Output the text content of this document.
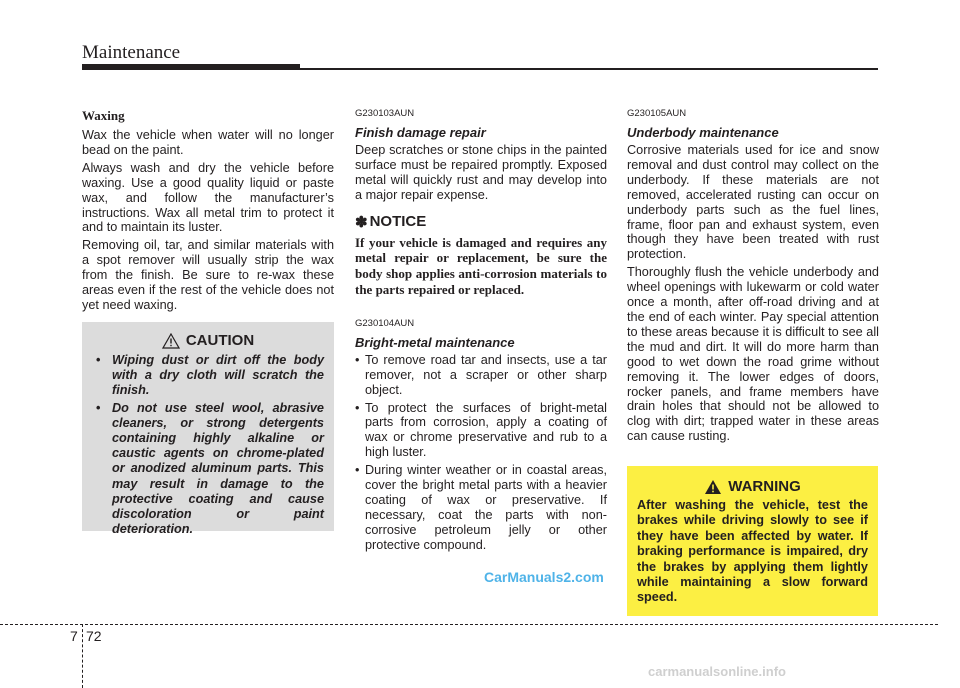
Maintenance
Waxing

Wax the vehicle when water will no longer bead on the paint.

Always wash and dry the vehicle before waxing. Use a good quality liquid or paste wax, and follow the manufacturer’s instructions. Wax all metal trim to protect it and to maintain its luster.

Removing oil, tar, and similar materials with a spot remover will usually strip the wax from the finish. Be sure to re-wax these areas even if the rest of the vehicle does not yet need waxing.

CAUTION
• Wiping dust or dirt off the body with a dry cloth will scratch the finish.
• Do not use steel wool, abrasive cleaners, or strong detergents containing highly alkaline or caustic agents on chrome-plated or anodized aluminum parts. This may result in damage to the protective coating and cause discoloration or paint deterioration.
G230103AUN
Finish damage repair

Deep scratches or stone chips in the painted surface must be repaired promptly. Exposed metal will quickly rust and may develop into a major repair expense.

✽ NOTICE
If your vehicle is damaged and requires any metal repair or replacement, be sure the body shop applies anti-corrosion materials to the parts repaired or replaced.
G230104AUN
Bright-metal maintenance
• To remove road tar and insects, use a tar remover, not a scraper or other sharp object.
• To protect the surfaces of bright-metal parts from corrosion, apply a coating of wax or chrome preservative and rub to a high luster.
• During winter weather or in coastal areas, cover the bright metal parts with a heavier coating of wax or preservative. If necessary, coat the parts with non-corrosive petroleum jelly or other protective compound.
G230105AUN
Underbody maintenance

Corrosive materials used for ice and snow removal and dust control may collect on the underbody. If these materials are not removed, accelerated rusting can occur on underbody parts such as the fuel lines, frame, floor pan and exhaust system, even though they have been treated with rust protection.

Thoroughly flush the vehicle underbody and wheel openings with lukewarm or cold water once a month, after off-road driving and at the end of each winter. Pay special attention to these areas because it is difficult to see all the mud and dirt. It will do more harm than good to wet down the road grime without removing it. The lower edges of doors, rocker panels, and frame members have drain holes that should not be allowed to clog with dirt; trapped water in these areas can cause rusting.

WARNING
After washing the vehicle, test the brakes while driving slowly to see if they have been affected by water. If braking performance is impaired, dry the brakes by applying them lightly while maintaining a slow forward speed.
CarManuals2.com
7 72
carmanualsonline.info
